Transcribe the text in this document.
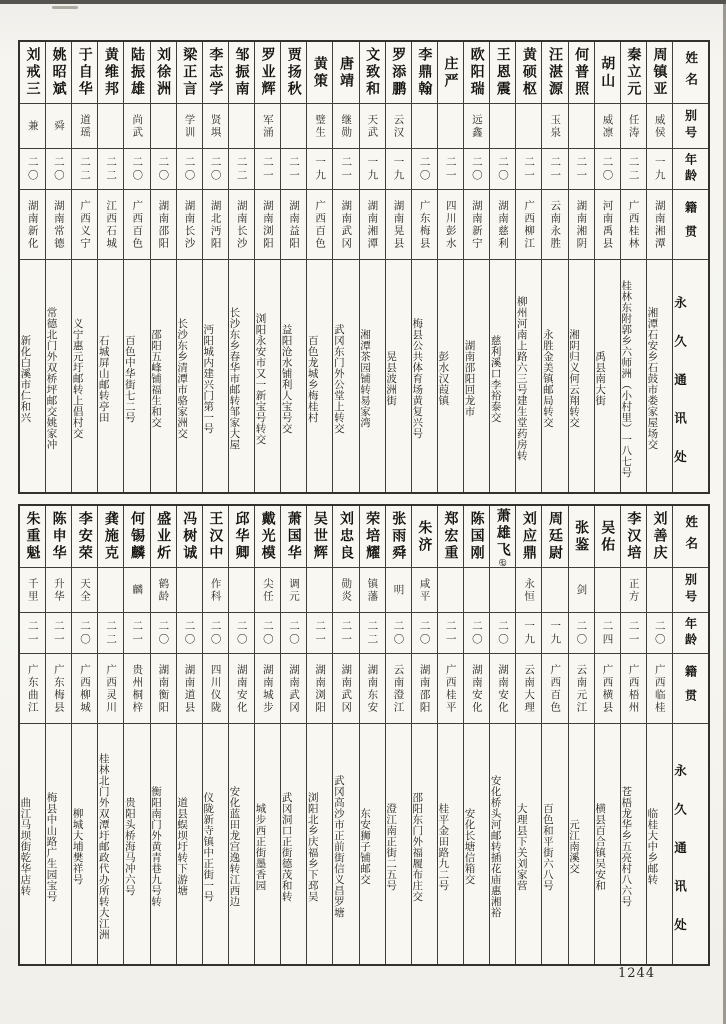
姓名
别号
年龄
籍贯
永久通讯处
周镇亚
威侯
一九
湖南湘潭
湘潭石安乡石鼓市娄家屋场交
秦立元
任涛
二二
广西桂林
桂林东附郭乡六师洲（小村里）一八七号
胡山
威凛
二〇
河南禹县
禹县南大街
何普照
二一
湖南湘阴
湘阴归义何云翔转交
汪湛源
玉泉
二一
云南永胜
永胜金美镇邮局转交
黄硕枢
二一
广西柳江
柳州河南上路六三号建生堂药房转
王恩震
二〇
湖南慈利
慈利溪口李裕泰交
欧阳瑞
远鑫
二〇
湖南新宁
湖南邵阳回龙市
庄严
二一
四川彭水
彭水汉葭镇
李鼎翰
二〇
广东梅县
梅县公共体育场黄复兴号
罗添鹏
云汉
一九
湖南晃县
晃县波洲街
文致和
天武
一九
湖南湘潭
湘潭茶园铺转易家湾
唐靖
继勋
二一
湖南武冈
武冈东门外公堂上转交
黄策
璧生
一九
广西百色
百色龙城乡梅桂村
贾扬秋
二一
湖南益阳
益阳沧水铺利人宝号交
罗业辉
军涌
二一
湖南浏阳
浏阳永安市又一新宝号转交
邹振南
二二
湖南长沙
长沙东乡春华市邮转邹家大屋
李志学
贤埧
二〇
湖北沔阳
沔阳城内建兴门第一号
梁正言
学训
二〇
湖南长沙
长沙东乡清潭市骆家洲交
刘徐洲
二〇
湖南邵阳
邵阳五峰铺福生和交
陆振雄
尚武
二〇
广西百色
百色中华街七二号
黄维邦
二二
江西石城
石城屏山邮转亭田
于自华
道瑶
二二
广西义宁
义宁惠元圩邮转上倡村交
姚昭斌
舜
二〇
湖南常德
常德北门外双桥坪邮交姚家冲
刘戒三
兼
二〇
湖南新化
新化白溪市仁和兴
姓名
别号
年龄
籍贯
永久通讯处
刘善庆
二〇
广西临桂
临桂大中乡邮转
李汉培
正方
二一
广西梧州
苍梧龙华乡五亮村八六号
吴佑
二四
广西横县
横县百合镇吴安和
张鉴
剑
二〇
云南元江
元江南溪交
周廷尉
一九
广西百色
百色和平街六八号
刘应鼎
永恒
一九
云南大理
大理县下关刘家营
萧雄飞㊆
二〇
湖南安化
安化桥头河邮转插花庙惠湘裕
陈国刚
二〇
湖南安化
安化长塘信箱交
郑宏重
二一
广西桂平
桂平金田路九二号
朱济
咸平
二〇
湖南邵阳
邵阳东门外福履布庄交
张雨舜
明
二〇
云南澄江
澄江南正街二五号
荣培耀
镇藩
二二
湖南东安
东安狮子铺邮交
刘忠良
勋炎
二一
湖南武冈
武冈高沙市正前街信义昌罗塘
吴世辉
二一
湖南浏阳
浏阳北乡庆福乡下邳吴
萧国华
调元
二〇
湖南武冈
武冈洞口正街德茂和转
戴光模
尖任
二〇
湖南城步
城步西正街墨香园
邱华卿
二〇
湖南安化
安化蓝田龙宫逸转江西边
王汉中
作科
二〇
四川仪陇
仪陇新寺镇中正街一号
冯树诚
二〇
湖南道县
道县蜈坝圩转下游塘
盛业炘
鹤龄
二〇
湖南衡阳
衡阳南门外黄青巷九号转
何锡麟
麟
二一
贵州桐梓
贵阳头桥海马冲六号
龚施克
二二
广西灵川
桂林北门外双潭圩邮政代办所转大江洲
李安荣
天全
二〇
广西柳城
柳城大埔樊祥号
陈申华
升华
二一
广东梅县
梅县中山路广生园宝号
朱重魁
千里
二一
广东曲江
曲江马坝街乾华店转
1244
